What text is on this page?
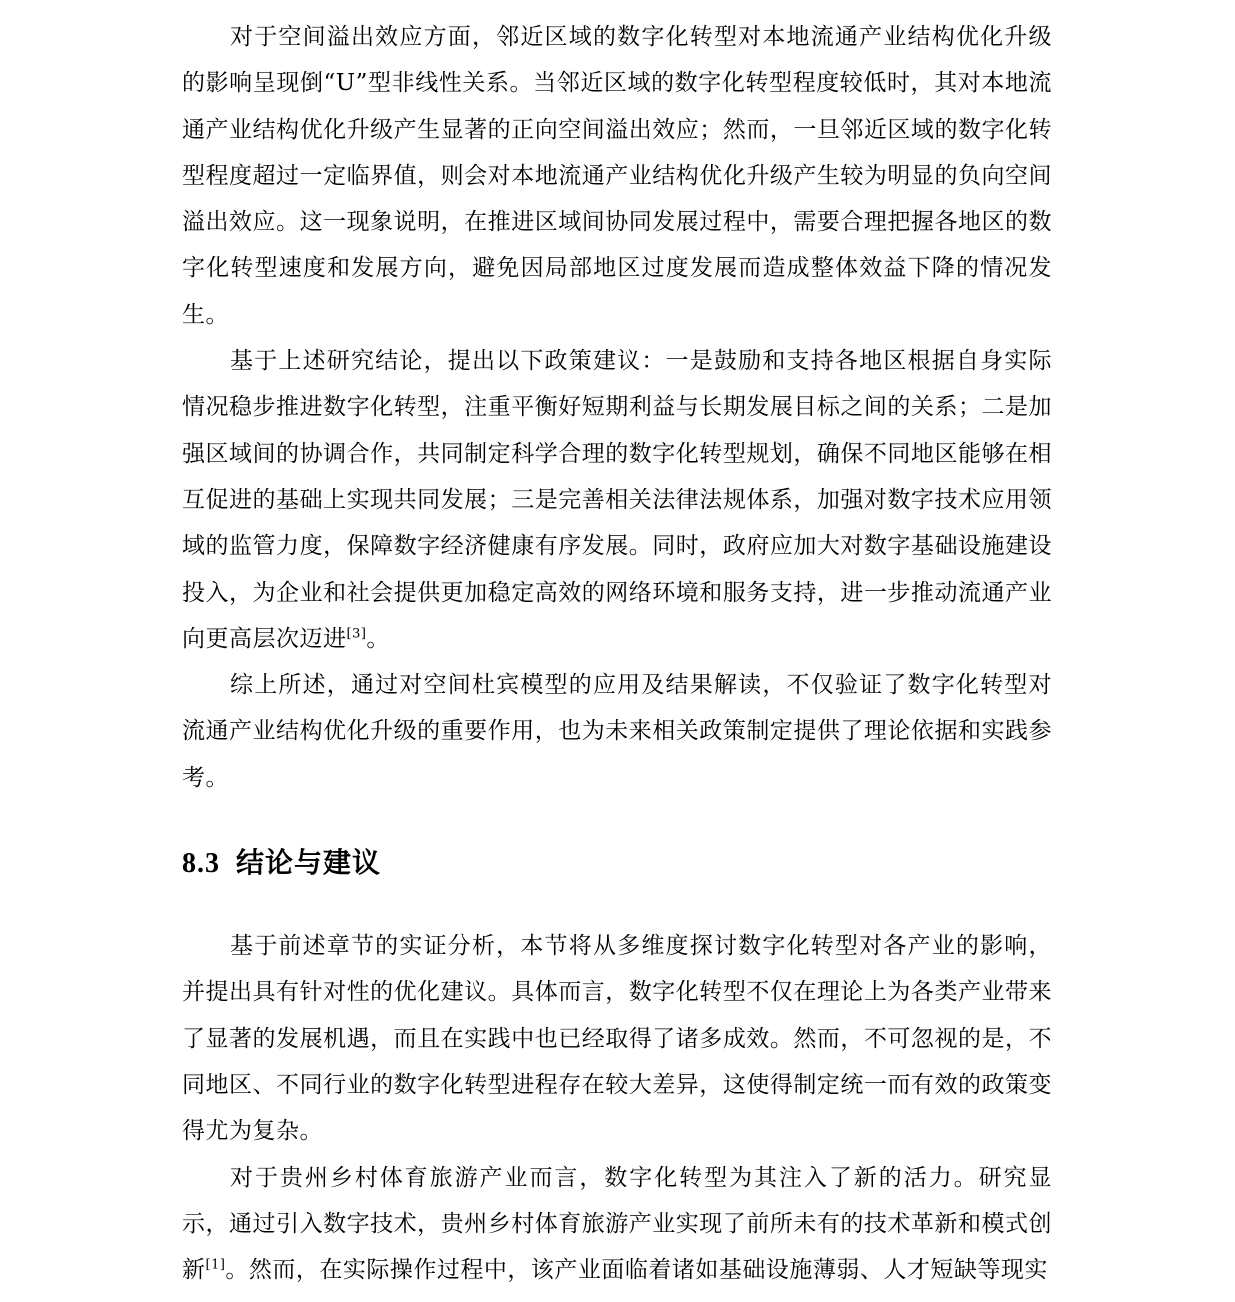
对于空间溢出效应方面，邻近区域的数字化转型对本地流通产业结构优化升级的影响呈现倒“U”型非线性关系。当邻近区域的数字化转型程度较低时，其对本地流通产业结构优化升级产生显著的正向空间溢出效应；然而，一旦邻近区域的数字化转型程度超过一定临界值，则会对本地流通产业结构优化升级产生较为明显的负向空间溢出效应。这一现象说明，在推进区域间协同发展过程中，需要合理把握各地区的数字化转型速度和发展方向，避免因局部地区过度发展而造成整体效益下降的情况发生。

基于上述研究结论，提出以下政策建议：一是鼓励和支持各地区根据自身实际情况稳步推进数字化转型，注重平衡好短期利益与长期发展目标之间的关系；二是加强区域间的协调合作，共同制定科学合理的数字化转型规划，确保不同地区能够在相互促进的基础上实现共同发展；三是完善相关法律法规体系，加强对数字技术应用领域的监管力度，保障数字经济健康有序发展。同时，政府应加大对数字基础设施建设投入，为企业和社会提供更加稳定高效的网络环境和服务支持，进一步推动流通产业向更高层次迈进[3]。

综上所述，通过对空间杜宾模型的应用及结果解读，不仅验证了数字化转型对流通产业结构优化升级的重要作用，也为未来相关政策制定提供了理论依据和实践参考。

8.3 结论与建议

基于前述章节的实证分析，本节将从多维度探讨数字化转型对各产业的影响，并提出具有针对性的优化建议。具体而言，数字化转型不仅在理论上为各类产业带来了显著的发展机遇，而且在实践中也已经取得了诸多成效。然而，不可忽视的是，不同地区、不同行业的数字化转型进程存在较大差异，这使得制定统一而有效的政策变得尤为复杂。

对于贵州乡村体育旅游产业而言，数字化转型为其注入了新的活力。研究显示，通过引入数字技术，贵州乡村体育旅游产业实现了前所未有的技术革新和模式创新[1]。然而，在实际操作过程中，该产业面临着诸如基础设施薄弱、人才短缺等现实
